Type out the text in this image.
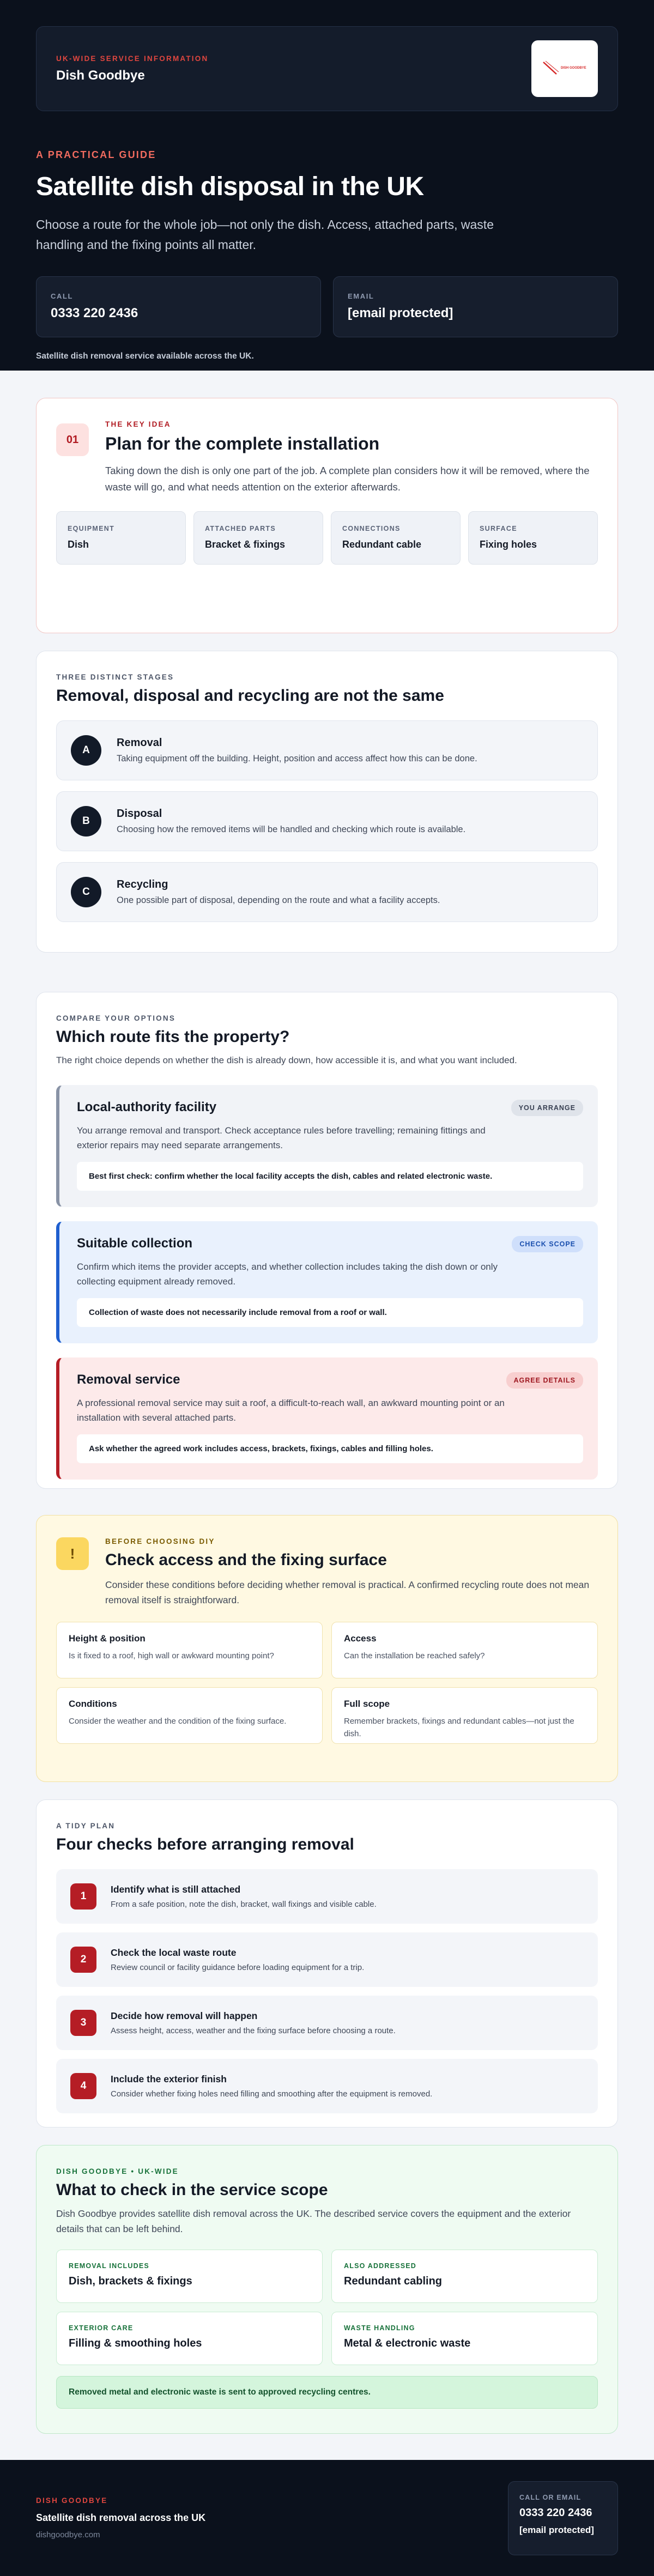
UK-WIDE SERVICE INFORMATION
Dish Goodbye	DISH GOODBYE
A PRACTICAL GUIDE
Satellite dish disposal in the UK

Choose a route for the whole job—not only the dish. Access, attached parts, waste handling and the fixing points all matter.

CALL
0333 220 2436
EMAIL
[email protected]

Satellite dish removal service available across the UK.

01
THE KEY IDEA
Plan for the complete installation

Taking down the dish is only one part of the job. A complete plan considers how it will be removed, where the waste will go, and what needs attention on the exterior afterwards.

EQUIPMENT
Dish
ATTACHED PARTS
Bracket & fixings
CONNECTIONS
Redundant cable
SURFACE
Fixing holes
THREE DISTINCT STAGES
Removal, disposal and recycling are not the same
A
Removal
Taking equipment off the building. Height, position and access affect how this can be done.
B
Disposal
Choosing how the removed items will be handled and checking which route is available.
C
Recycling
One possible part of disposal, depending on the route and what a facility accepts.
COMPARE YOUR OPTIONS
Which route fits the property?

The right choice depends on whether the dish is already down, how accessible it is, and what you want included.

Local-authority facility	YOU ARRANGE

You arrange removal and transport. Check acceptance rules before travelling; remaining fittings and exterior repairs may need separate arrangements.

Best first check: confirm whether the local facility accepts the dish, cables and related electronic waste.
Suitable collection	CHECK SCOPE

Confirm which items the provider accepts, and whether collection includes taking the dish down or only collecting equipment already removed.

Collection of waste does not necessarily include removal from a roof or wall.
Removal service	AGREE DETAILS

A professional removal service may suit a roof, a difficult-to-reach wall, an awkward mounting point or an installation with several attached parts.

Ask whether the agreed work includes access, brackets, fixings, cables and filling holes.
!
BEFORE CHOOSING DIY
Check access and the fixing surface

Consider these conditions before deciding whether removal is practical. A confirmed recycling route does not mean removal itself is straightforward.

Height & position
Is it fixed to a roof, high wall or awkward mounting point?
Access
Can the installation be reached safely?
Conditions
Consider the weather and the condition of the fixing surface.
Full scope
Remember brackets, fixings and redundant cables—not just the dish.
A TIDY PLAN
Four checks before arranging removal
1
Identify what is still attached
From a safe position, note the dish, bracket, wall fixings and visible cable.
2
Check the local waste route
Review council or facility guidance before loading equipment for a trip.
3
Decide how removal will happen
Assess height, access, weather and the fixing surface before choosing a route.
4
Include the exterior finish
Consider whether fixing holes need filling and smoothing after the equipment is removed.
DISH GOODBYE • UK-WIDE
What to check in the service scope

Dish Goodbye provides satellite dish removal across the UK. The described service covers the equipment and the exterior details that can be left behind.

REMOVAL INCLUDES
Dish, brackets & fixings
ALSO ADDRESSED
Redundant cabling
EXTERIOR CARE
Filling & smoothing holes
WASTE HANDLING
Metal & electronic waste
Removed metal and electronic waste is sent to approved recycling centres.
DISH GOODBYE
Satellite dish removal across the UK
dishgoodbye.com
CALL OR EMAIL
0333 220 2436
[email protected]
